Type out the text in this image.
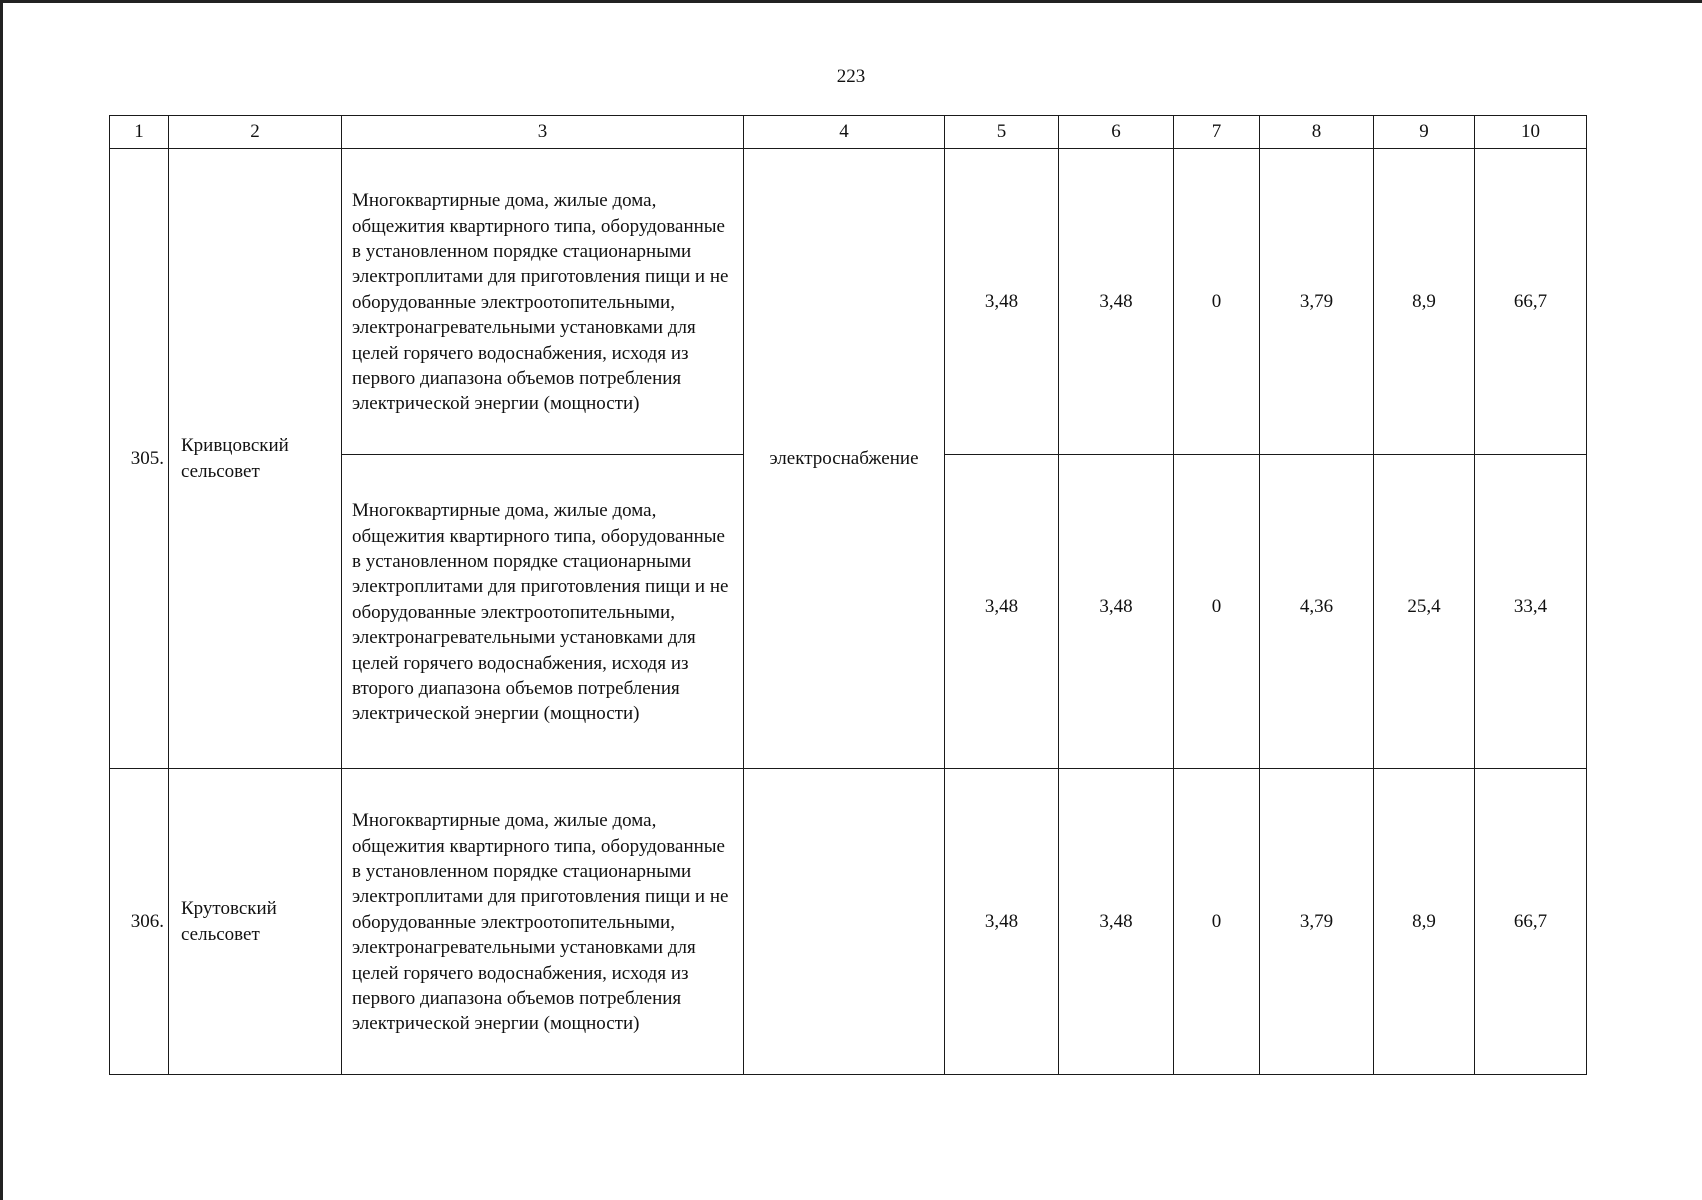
223
1	2	3	4	5	6	7	8	9	10
305.	Кривцовский сельсовет	Многоквартирные дома, жилые дома, общежития квартирного типа, оборудованные в установленном порядке стационарными электроплитами для приготовления пищи и не оборудованные электроотопительными, электронагревательными установками для целей горячего водоснабжения, исходя из первого диапазона объемов потребления электрической энергии (мощности)	электроснабжение	3,48	3,48	0	3,79	8,9	66,7
		Многоквартирные дома, жилые дома, общежития квартирного типа, оборудованные в установленном порядке стационарными электроплитами для приготовления пищи и не оборудованные электроотопительными, электронагревательными установками для целей горячего водоснабжения, исходя из второго диапазона объемов потребления электрической энергии (мощности)		3,48	3,48	0	4,36	25,4	33,4
306.	Крутовский сельсовет	Многоквартирные дома, жилые дома, общежития квартирного типа, оборудованные в установленном порядке стационарными электроплитами для приготовления пищи и не оборудованные электроотопительными, электронагревательными установками для целей горячего водоснабжения, исходя из первого диапазона объемов потребления электрической энергии (мощности)		3,48	3,48	0	3,79	8,9	66,7
